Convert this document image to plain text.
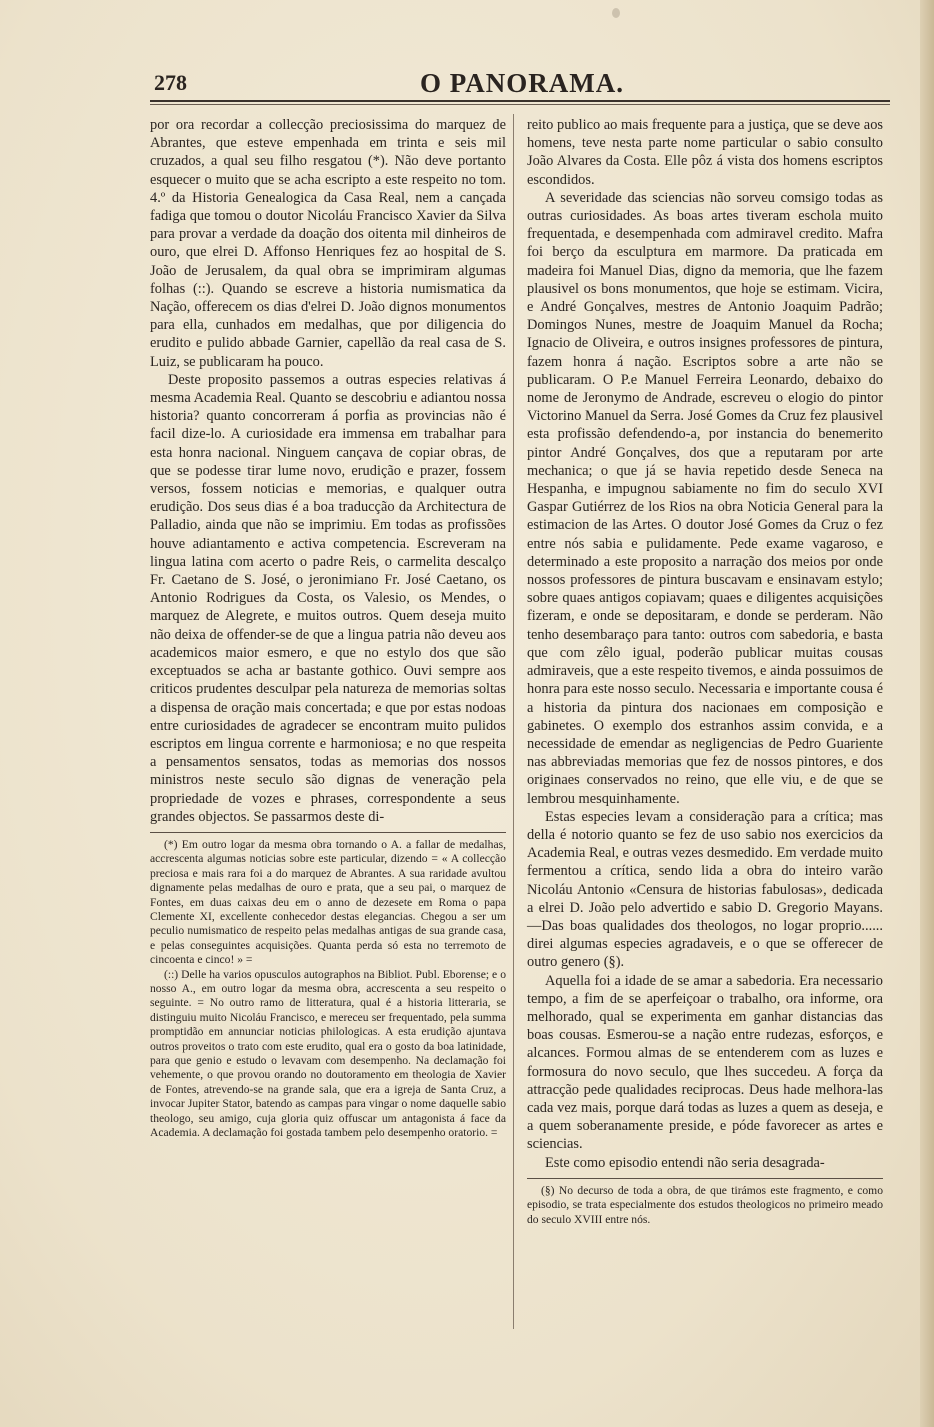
278	O PANORAMA.

por ora recordar a collecção preciosissima do marquez de Abrantes, que esteve empenhada em trinta e seis mil cruzados, a qual seu filho resgatou (*). Não deve portanto esquecer o muito que se acha escripto a este respeito no tom. 4.º da Historia Genealogica da Casa Real, nem a cançada fadiga que tomou o doutor Nicoláu Francisco Xavier da Silva para provar a verdade da doação dos oitenta mil dinheiros de ouro, que elrei D. Affonso Henriques fez ao hospital de S. João de Jerusalem, da qual obra se imprimiram algumas folhas (::). Quando se escreve a historia numismatica da Nação, offerecem os dias d'elrei D. João dignos monumentos para ella, cunhados em medalhas, que por diligencia do erudito e pulido abbade Garnier, capellão da real casa de S. Luiz, se publicaram ha pouco.

Deste proposito passemos a outras especies relativas á mesma Academia Real. Quanto se descobriu e adiantou nossa historia? quanto concorreram á porfia as provincias não é facil dize-lo. A curiosidade era immensa em trabalhar para esta honra nacional. Ninguem cançava de copiar obras, de que se podesse tirar lume novo, erudição e prazer, fossem versos, fossem noticias e memorias, e qualquer outra erudição. Dos seus dias é a boa traducção da Architectura de Palladio, ainda que não se imprimiu. Em todas as profissões houve adiantamento e activa competencia. Escreveram na lingua latina com acerto o padre Reis, o carmelita descalço Fr. Caetano de S. José, o jeronimiano Fr. José Caetano, os Antonio Rodrigues da Costa, os Valesio, os Mendes, o marquez de Alegrete, e muitos outros. Quem deseja muito não deixa de offender-se de que a lingua patria não deveu aos academicos maior esmero, e que no estylo dos que são exceptuados se acha ar bastante gothico. Ouvi sempre aos criticos prudentes desculpar pela natureza de memorias soltas a dispensa de oração mais concertada; e que por estas nodoas entre curiosidades de agradecer se encontram muito pulidos escriptos em lingua corrente e harmoniosa; e no que respeita a pensamentos sensatos, todas as memorias dos nossos ministros neste seculo são dignas de veneração pela propriedade de vozes e phrases, correspondente a seus grandes objectos. Se passarmos deste di-

(*) Em outro logar da mesma obra tornando o A. a fallar de medalhas, accrescenta algumas noticias sobre este particular, dizendo = « A collecção preciosa e mais rara foi a do marquez de Abrantes. A sua raridade avultou dignamente pelas medalhas de ouro e prata, que a seu pai, o marquez de Fontes, em duas caixas deu em o anno de dezesete em Roma o papa Clemente XI, excellente conhecedor destas elegancias. Chegou a ser um peculio numismatico de respeito pelas medalhas antigas de sua grande casa, e pelas conseguintes acquisições. Quanta perda só esta no terremoto de cincoenta e cinco! » =

(::) Delle ha varios opusculos autographos na Bibliot. Publ. Eborense; e o nosso A., em outro logar da mesma obra, accrescenta a seu respeito o seguinte. = No outro ramo de litteratura, qual é a historia litteraria, se distinguiu muito Nicoláu Francisco, e mereceu ser frequentado, pela summa promptidão em annunciar noticias philologicas. A esta erudição ajuntava outros proveitos o trato com este erudito, qual era o gosto da boa latinidade, para que genio e estudo o levavam com desempenho. Na declamação foi vehemente, o que provou orando no doutoramento em theologia de Xavier de Fontes, atrevendo-se na grande sala, que era a igreja de Santa Cruz, a invocar Jupiter Stator, batendo as campas para vingar o nome daquelle sabio theologo, seu amigo, cuja gloria quiz offuscar um antagonista á face da Academia. A declamação foi gostada tambem pelo desempenho oratorio. =

reito publico ao mais frequente para a justiça, que se deve aos homens, teve nesta parte nome particular o sabio consulto João Alvares da Costa. Elle pôz á vista dos homens escriptos escondidos.

A severidade das sciencias não sorveu comsigo todas as outras curiosidades. As boas artes tiveram eschola muito frequentada, e desempenhada com admiravel credito. Mafra foi berço da esculptura em marmore. Da praticada em madeira foi Manuel Dias, digno da memoria, que lhe fazem plausivel os bons monumentos, que hoje se estimam. Vicira, e André Gonçalves, mestres de Antonio Joaquim Padrão; Domingos Nunes, mestre de Joaquim Manuel da Rocha; Ignacio de Oliveira, e outros insignes professores de pintura, fazem honra á nação. Escriptos sobre a arte não se publicaram. O P.e Manuel Ferreira Leonardo, debaixo do nome de Jeronymo de Andrade, escreveu o elogio do pintor Victorino Manuel da Serra. José Gomes da Cruz fez plausivel esta profissão defendendo-a, por instancia do benemerito pintor André Gonçalves, dos que a reputaram por arte mechanica; o que já se havia repetido desde Seneca na Hespanha, e impugnou sabiamente no fim do seculo XVI Gaspar Gutiérrez de los Rios na obra Noticia General para la estimacion de las Artes. O doutor José Gomes da Cruz o fez entre nós sabia e pulidamente. Pede exame vagaroso, e determinado a este proposito a narração dos meios por onde nossos professores de pintura buscavam e ensinavam estylo; sobre quaes antigos copiavam; quaes e diligentes acquisições fizeram, e onde se depositaram, e donde se perderam. Não tenho desembaraço para tanto: outros com sabedoria, e basta que com zêlo igual, poderão publicar muitas cousas admiraveis, que a este respeito tivemos, e ainda possuimos de honra para este nosso seculo. Necessaria e importante cousa é a historia da pintura dos nacionaes em composição e gabinetes. O exemplo dos estranhos assim convida, e a necessidade de emendar as negligencias de Pedro Guariente nas abbreviadas memorias que fez de nossos pintores, e dos originaes conservados no reino, que elle viu, e de que se lembrou mesquinhamente.

Estas especies levam a consideração para a crítica; mas della é notorio quanto se fez de uso sabio nos exercicios da Academia Real, e outras vezes desmedido. Em verdade muito fermentou a crítica, sendo lida a obra do inteiro varão Nicoláu Antonio «Censura de historias fabulosas», dedicada a elrei D. João pelo advertido e sabio D. Gregorio Mayans. —Das boas qualidades dos theologos, no logar proprio...... direi algumas especies agradaveis, e o que se offerecer de outro genero (§).

Aquella foi a idade de se amar a sabedoria. Era necessario tempo, a fim de se aperfeiçoar o trabalho, ora informe, ora melhorado, qual se experimenta em ganhar distancias das boas cousas. Esmerou-se a nação entre rudezas, esforços, e alcances. Formou almas de se entenderem com as luzes e formosura do novo seculo, que lhes succedeu. A força da attracção pede qualidades reciprocas. Deus hade melhora-las cada vez mais, porque dará todas as luzes a quem as deseja, e a quem soberanamente preside, e póde favorecer as artes e sciencias.

Este como episodio entendi não seria desagrada-

(§) No decurso de toda a obra, de que tirámos este fragmento, e como episodio, se trata especialmente dos estudos theologicos no primeiro meado do seculo XVIII entre nós.
